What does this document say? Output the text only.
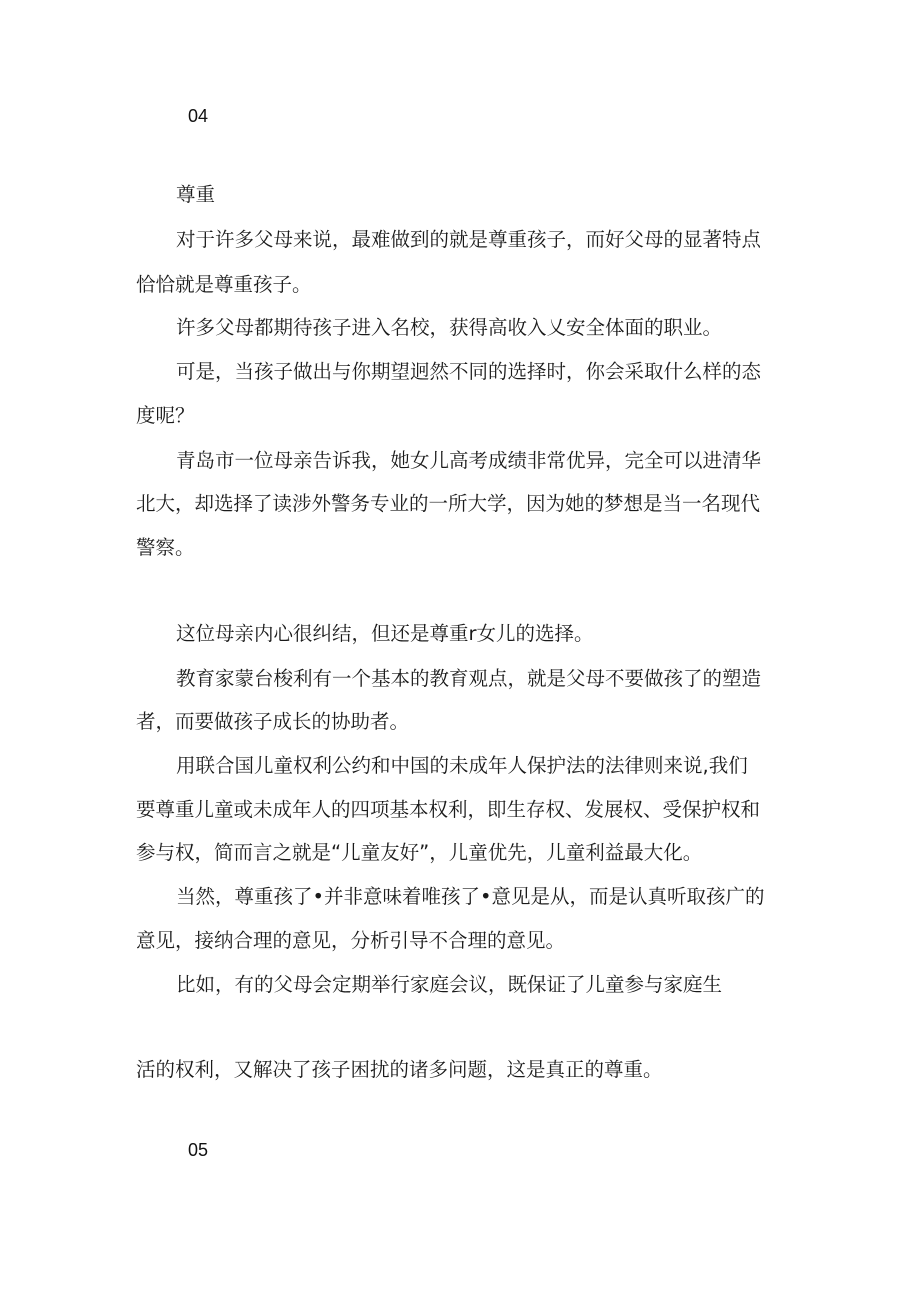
04
尊重
对于许多父母来说，最难做到的就是尊重孩子，而好父母的显著特点
恰恰就是尊重孩子。
许多父母都期待孩子进入名校，获得高收入乂安全体面的职业。
可是，当孩子做出与你期望迥然不同的选择时，你会采取什么样的态
度呢？
青岛市一位母亲告诉我，她女儿高考成绩非常优异，完全可以进清华
北大，却选择了读涉外警务专业的一所大学，因为她的梦想是当一名现代
警察。
这位母亲内心很纠结，但还是尊重r女儿的选择。
教育家蒙台梭利有一个基本的教育观点，就是父母不要做孩了的塑造
者，而要做孩子成长的协助者。
用联合国儿童权利公约和中国的未成年人保护法的法律则来说,我们
要尊重儿童或未成年人的四项基本权利，即生存权、发展权、受保护权和
参与权，简而言之就是“儿童友好”，儿童优先，儿童利益最大化。
当然，尊重孩了•并非意味着唯孩了•意见是从，而是认真听取孩广的
意见，接纳合理的意见，分析引导不合理的意见。
比如，有的父母会定期举行家庭会议，既保证了儿童参与家庭生
活的权利，又解决了孩子困扰的诸多问题，这是真正的尊重。
05
